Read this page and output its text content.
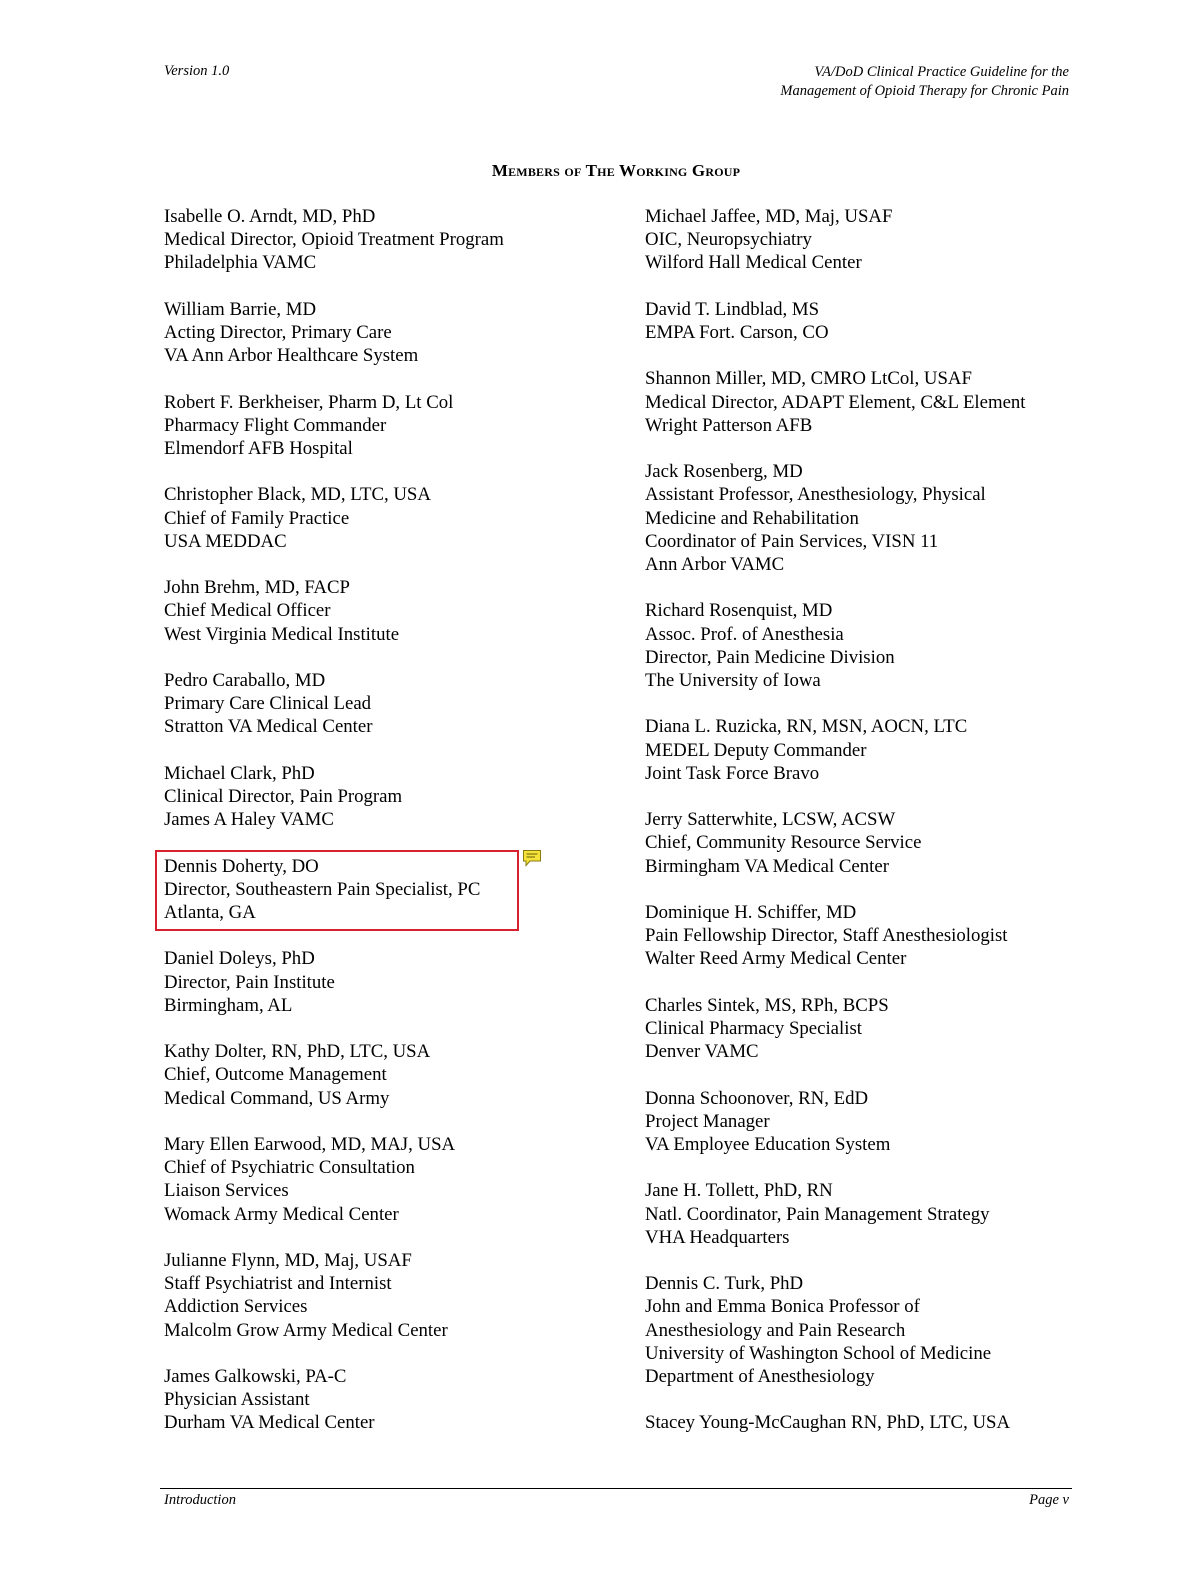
Version 1.0	VA/DoD Clinical Practice Guideline for the
Management of Opioid Therapy for Chronic Pain
Members of The Working Group
Isabelle O. Arndt, MD, PhD
Medical Director, Opioid Treatment Program
Philadelphia VAMC
William Barrie, MD
Acting Director, Primary Care
VA Ann Arbor Healthcare System
Robert F. Berkheiser, Pharm D, Lt Col
Pharmacy Flight Commander
Elmendorf AFB Hospital
Christopher Black, MD, LTC, USA
Chief of Family Practice
USA MEDDAC
John Brehm, MD, FACP
Chief Medical Officer
West Virginia Medical Institute
Pedro Caraballo, MD
Primary Care Clinical Lead
Stratton VA Medical Center
Michael Clark, PhD
Clinical Director, Pain Program
James A Haley VAMC
Dennis Doherty, DO
Director, Southeastern Pain Specialist, PC
Atlanta, GA
Daniel Doleys, PhD
Director, Pain Institute
Birmingham, AL
Kathy Dolter, RN, PhD, LTC, USA
Chief, Outcome Management
Medical Command, US Army
Mary Ellen Earwood, MD, MAJ, USA
Chief of Psychiatric Consultation
Liaison Services
Womack Army Medical Center
Julianne Flynn, MD, Maj, USAF
Staff Psychiatrist and Internist
Addiction Services
Malcolm Grow Army Medical Center
James Galkowski, PA-C
Physician Assistant
Durham VA Medical Center
Michael Jaffee, MD, Maj, USAF
OIC, Neuropsychiatry
Wilford Hall Medical Center
David T. Lindblad, MS
EMPA Fort. Carson, CO
Shannon Miller, MD, CMRO LtCol, USAF
Medical Director, ADAPT Element, C&L Element
Wright Patterson AFB
Jack Rosenberg, MD
Assistant Professor, Anesthesiology, Physical
Medicine and Rehabilitation
Coordinator of Pain Services, VISN 11
Ann Arbor VAMC
Richard Rosenquist, MD
Assoc. Prof. of Anesthesia
Director, Pain Medicine Division
The University of Iowa
Diana L. Ruzicka, RN, MSN, AOCN, LTC
MEDEL Deputy Commander
Joint Task Force Bravo
Jerry Satterwhite, LCSW, ACSW
Chief, Community Resource Service
Birmingham VA Medical Center
Dominique H. Schiffer, MD
Pain Fellowship Director, Staff Anesthesiologist
Walter Reed Army Medical Center
Charles Sintek, MS, RPh, BCPS
Clinical Pharmacy Specialist
Denver VAMC
Donna Schoonover, RN, EdD
Project Manager
VA Employee Education System
Jane H. Tollett, PhD, RN
Natl. Coordinator, Pain Management Strategy
VHA Headquarters
Dennis C. Turk, PhD
John and Emma Bonica Professor of
Anesthesiology and Pain Research
University of Washington School of Medicine
Department of Anesthesiology
Stacey Young-McCaughan RN, PhD, LTC, USA
Introduction	Page v
